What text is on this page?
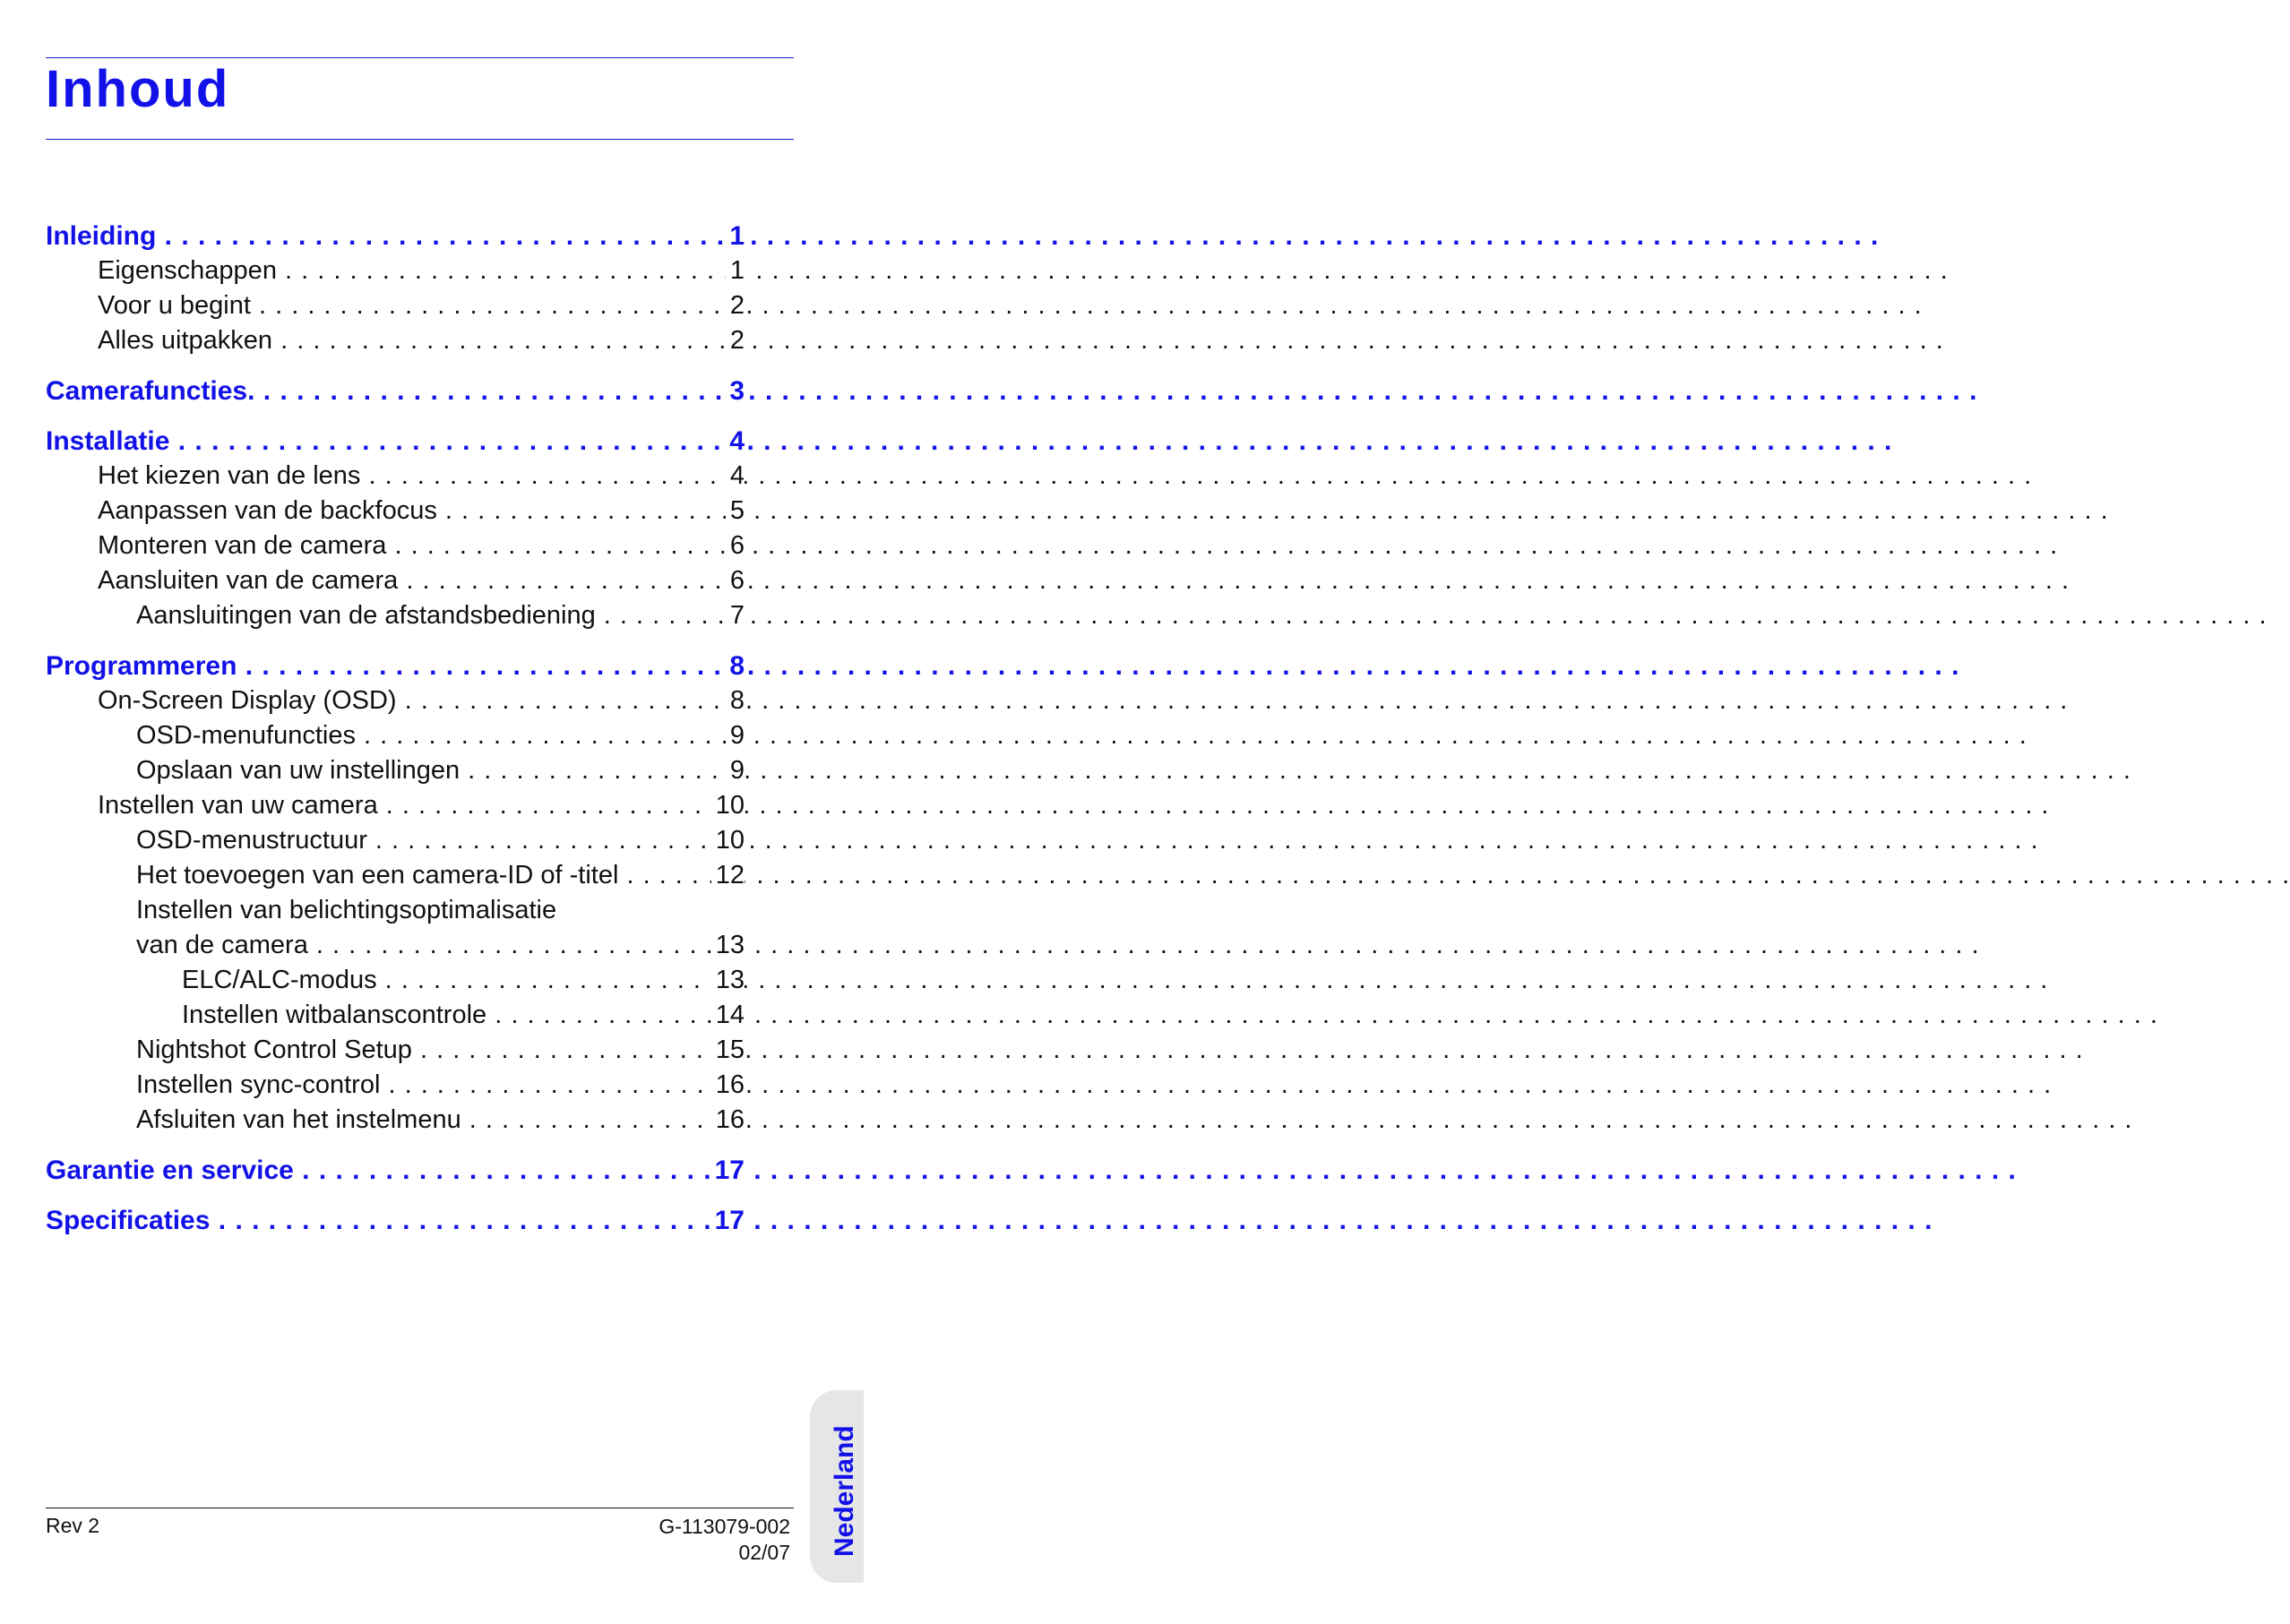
Inhoud
Inleiding . . .	1
Eigenschappen . . .	1
Voor u begint . . .	2
Alles uitpakken . . .	2
Camerafuncties. . . .	3
Installatie . . .	4
Het kiezen van de lens . . .	4
Aanpassen van de backfocus . . .	5
Monteren van de camera . . .	6
Aansluiten van de camera . . .	6
Aansluitingen van de afstandsbediening . . .	7
Programmeren . . .	8
On-Screen Display (OSD) . . .	8
OSD-menufuncties . . .	9
Opslaan van uw instellingen . . .	9
Instellen van uw camera . . .	10
OSD-menustructuur . . .	10
Het toevoegen van een camera-ID of -titel . . .	12
Instellen van belichtingsoptimalisatie
van de camera . . .	13
ELC/ALC-modus . . .	13
Instellen witbalanscontrole . . .	14
Nightshot Control Setup . . .	15
Instellen sync-control . . .	16
Afsluiten van het instelmenu . . .	16
Garantie en service . . .	17
Specificaties . . .	17
Rev 2	G-113079-002
02/07 Nederland
